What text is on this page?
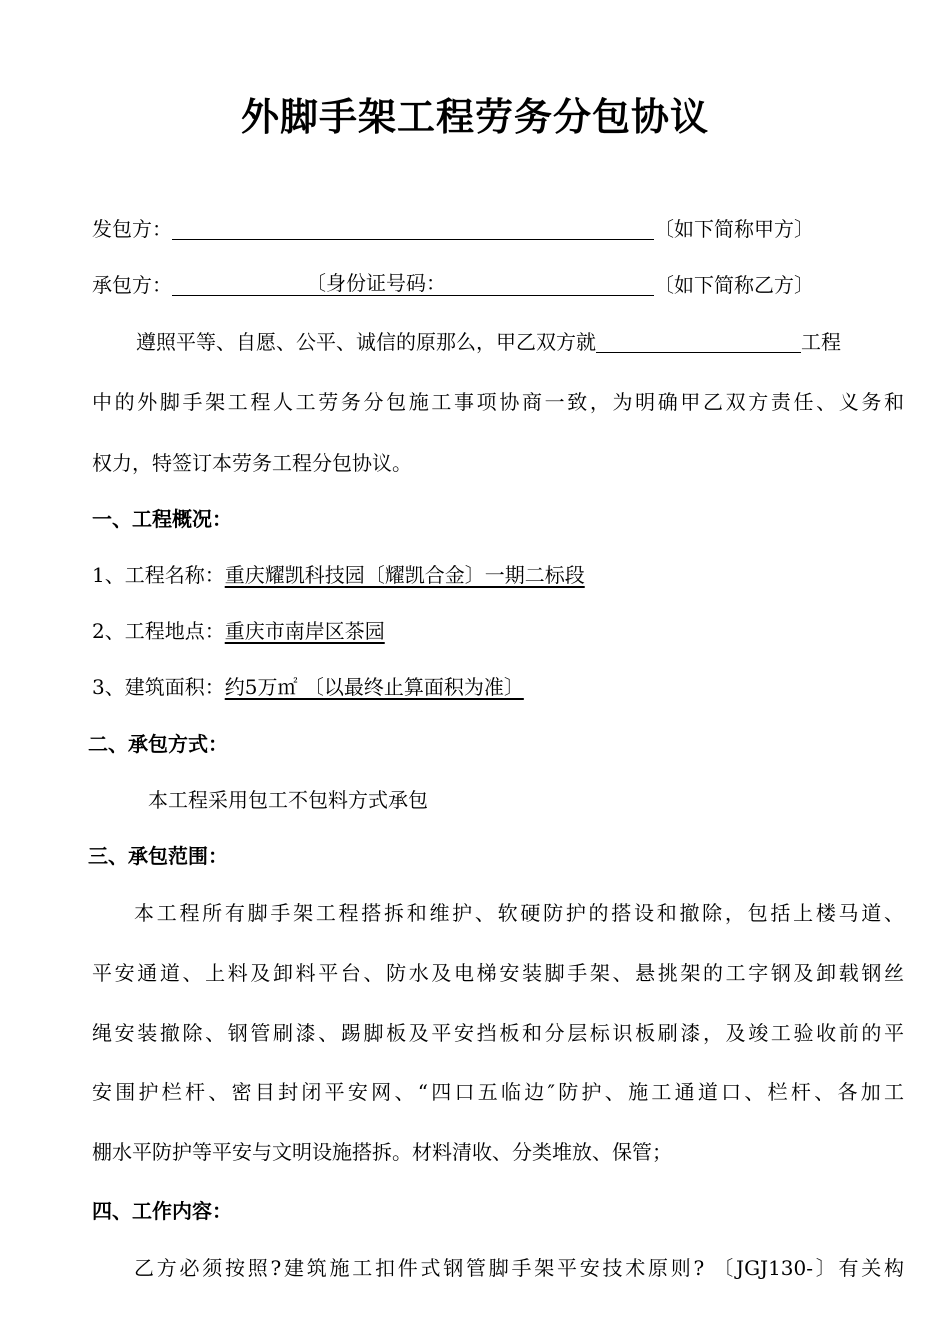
外脚手架工程劳务分包协议
发包方：	〔如下简称甲方〕
承包方：	〔身份证号码：	〔如下简称乙方〕
遵照平等、自愿、公平、诚信的原那么，甲乙双方就	工程
中的外脚手架工程人工劳务分包施工事项协商一致，为明确甲乙双方责任、义务和
权力，特签订本劳务工程分包协议。
一、工程概况：
1、工程名称：重庆耀凯科技园〔耀凯合金〕一期二标段
2、工程地点：重庆市南岸区茶园
3、建筑面积：约5万㎡ 〔以最终止算面积为准〕
二、承包方式：
本工程采用包工不包料方式承包
三、承包范围：
本工程所有脚手架工程搭拆和维护、软硬防护的搭设和撤除，包括上楼马道、
平安通道、上料及卸料平台、防水及电梯安装脚手架、悬挑架的工字钢及卸载钢丝
绳安装撤除、钢管刷漆、踢脚板及平安挡板和分层标识板刷漆，及竣工验收前的平
安围护栏杆、密目封闭平安网、“四口五临边″防护、施工通道口、栏杆、各加工
棚水平防护等平安与文明设施搭拆。材料清收、分类堆放、保管；
四、工作内容：
乙方必须按照?建筑施工扣件式钢管脚手架平安技术原则? 〔JGJ130-〕有关构
